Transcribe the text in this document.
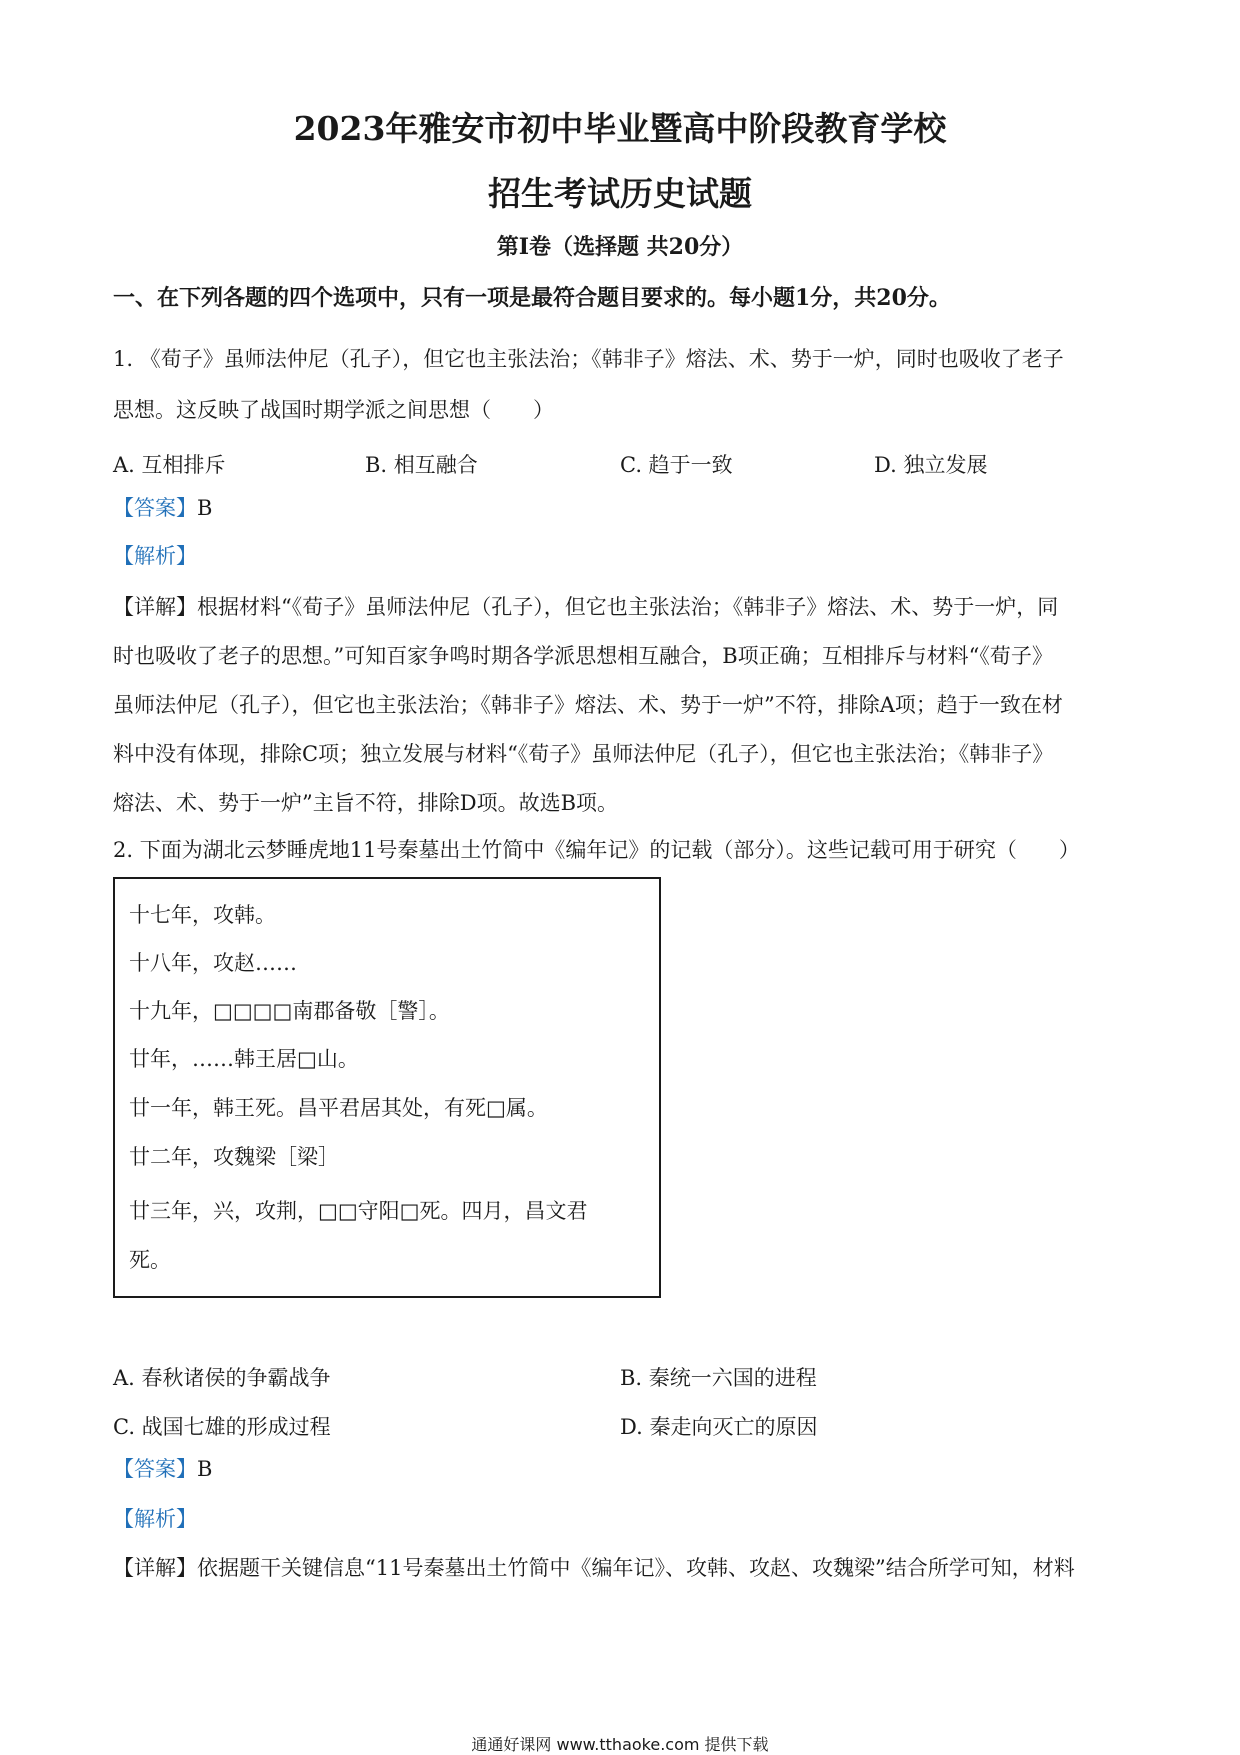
2023年雅安市初中毕业暨高中阶段教育学校
招生考试历史试题
第I卷（选择题 共20分）
一、在下列各题的四个选项中，只有一项是最符合题目要求的。每小题1分，共20分。
1. 《荀子》虽师法仲尼（孔子），但它也主张法治；《韩非子》熔法、术、势于一炉，同时也吸收了老子
思想。这反映了战国时期学派之间思想（　　）
A. 互相排斥	B. 相互融合	C. 趋于一致	D. 独立发展
【答案】B
【解析】
【详解】根据材料“《荀子》虽师法仲尼（孔子），但它也主张法治；《韩非子》熔法、术、势于一炉，同
时也吸收了老子的思想。”可知百家争鸣时期各学派思想相互融合，B项正确；互相排斥与材料“《荀子》
虽师法仲尼（孔子），但它也主张法治；《韩非子》熔法、术、势于一炉”不符，排除A项；趋于一致在材
料中没有体现，排除C项；独立发展与材料“《荀子》虽师法仲尼（孔子），但它也主张法治；《韩非子》
熔法、术、势于一炉”主旨不符，排除D项。故选B项。
2. 下面为湖北云梦睡虎地11号秦墓出土竹简中《编年记》的记载（部分）。这些记载可用于研究（　　）
十七年，攻韩。
十八年，攻赵……
十九年，□□□□南郡备敬［警］。
廿年，……韩王居□山。
廿一年，韩王死。昌平君居其处，有死□属。
廿二年，攻魏梁［梁］
廿三年，兴，攻荆，□□守阳□死。四月，昌文君
死。
A. 春秋诸侯的争霸战争	B. 秦统一六国的进程
C. 战国七雄的形成过程	D. 秦走向灭亡的原因
【答案】B
【解析】
【详解】依据题干关键信息“11号秦墓出土竹简中《编年记》、攻韩、攻赵、攻魏梁”结合所学可知，材料
通通好课网 www.tthaoke.com 提供下载
